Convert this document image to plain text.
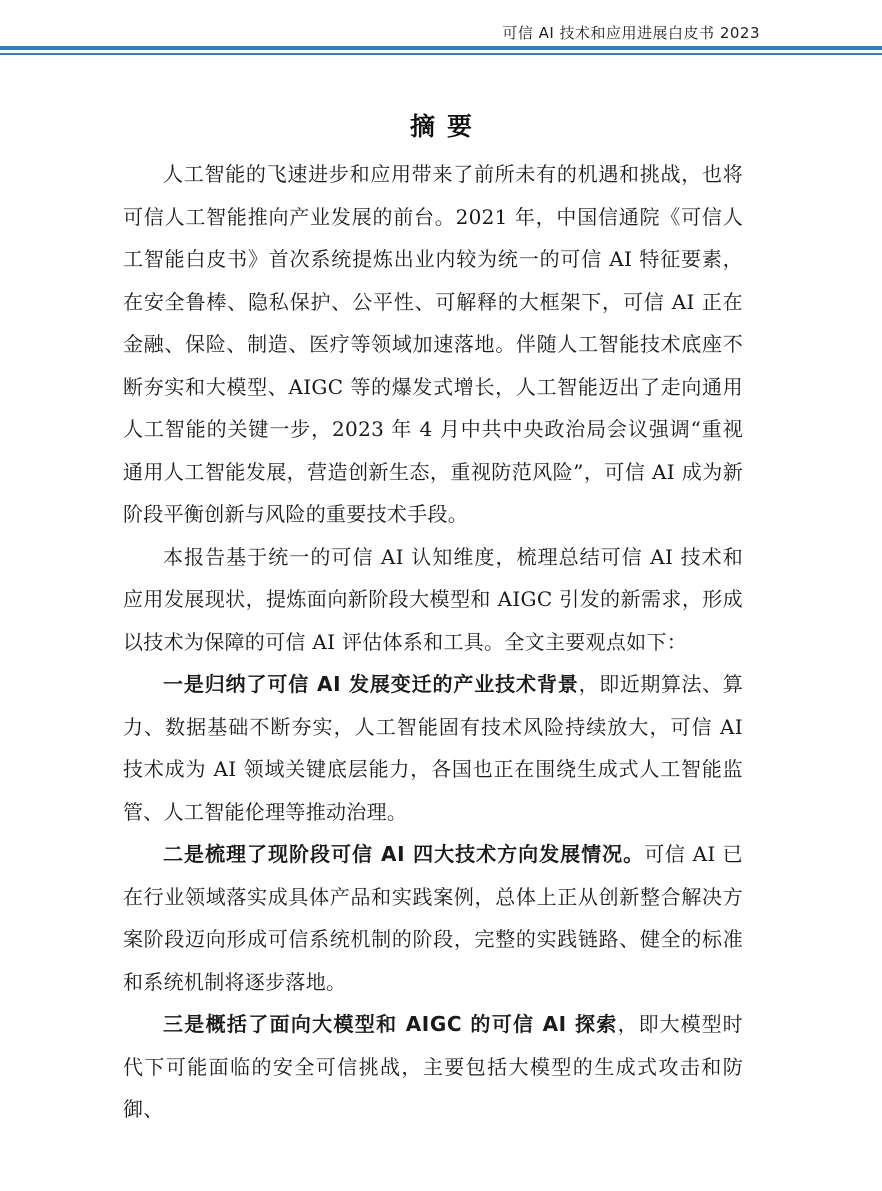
可信 AI 技术和应用进展白皮书 2023
摘要

人工智能的飞速进步和应用带来了前所未有的机遇和挑战，也将可信人工智能推向产业发展的前台。2021 年，中国信通院《可信人工智能白皮书》首次系统提炼出业内较为统一的可信 AI 特征要素，在安全鲁棒、隐私保护、公平性、可解释的大框架下，可信 AI 正在金融、保险、制造、医疗等领域加速落地。伴随人工智能技术底座不断夯实和大模型、AIGC 等的爆发式增长，人工智能迈出了走向通用人工智能的关键一步，2023 年 4 月中共中央政治局会议强调“重视通用人工智能发展，营造创新生态，重视防范风险”，可信 AI 成为新阶段平衡创新与风险的重要技术手段。

本报告基于统一的可信 AI 认知维度，梳理总结可信 AI 技术和应用发展现状，提炼面向新阶段大模型和 AIGC 引发的新需求，形成以技术为保障的可信 AI 评估体系和工具。全文主要观点如下：

一是归纳了可信 AI 发展变迁的产业技术背景，即近期算法、算力、数据基础不断夯实，人工智能固有技术风险持续放大，可信 AI 技术成为 AI 领域关键底层能力，各国也正在围绕生成式人工智能监管、人工智能伦理等推动治理。

二是梳理了现阶段可信 AI 四大技术方向发展情况。可信 AI 已在行业领域落实成具体产品和实践案例，总体上正从创新整合解决方案阶段迈向形成可信系统机制的阶段，完整的实践链路、健全的标准和系统机制将逐步落地。

三是概括了面向大模型和 AIGC 的可信 AI 探索，即大模型时代下可能面临的安全可信挑战，主要包括大模型的生成式攻击和防御、
